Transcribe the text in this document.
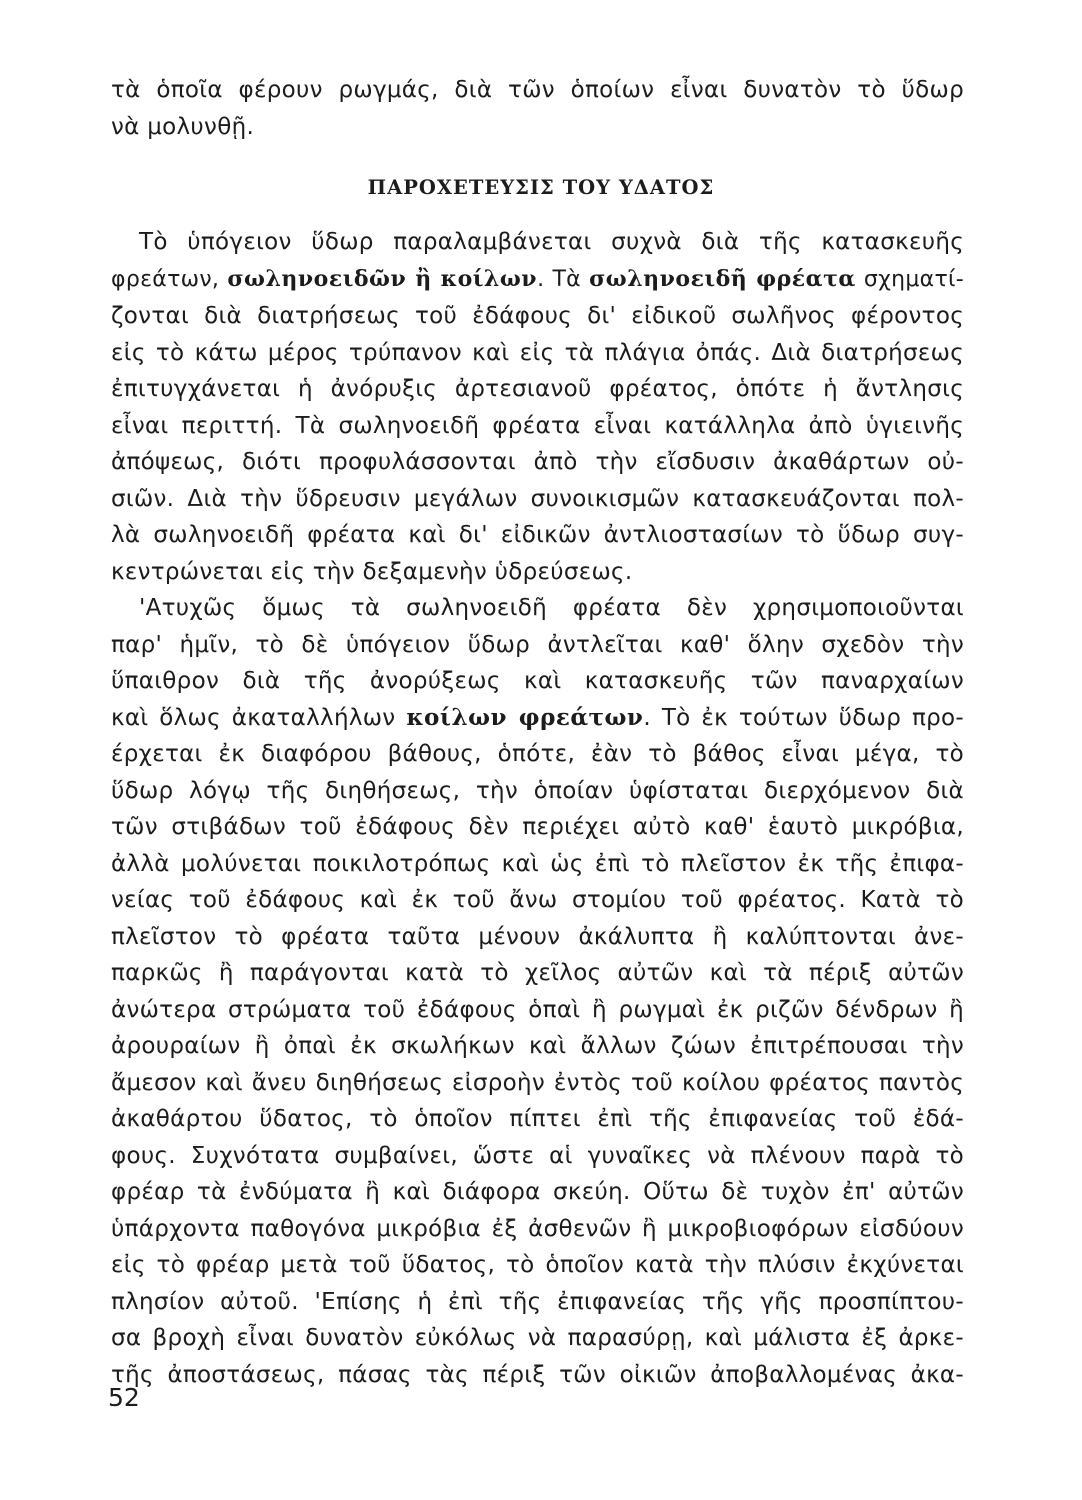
τὰ ὁποῖα φέρουν ρωγμάς, διὰ τῶν ὁποίων εἶναι δυνατὸν τὸ ὕδωρ
νὰ μολυνθῇ.
ΠΑΡΟΧΕΤΕΥΣΙΣ ΤΟΥ ΥΔΑΤΟΣ
Τὸ ὑπόγειον ὕδωρ παραλαμβάνεται συχνὰ διὰ τῆς κατασκευῆς
φρεάτων, σωληνοειδῶν ἢ κοίλων. Τὰ σωληνοειδῆ φρέατα σχηματί-
ζονται διὰ διατρήσεως τοῦ ἐδάφους δι' εἰδικοῦ σωλῆνος φέροντος
εἰς τὸ κάτω μέρος τρύπανον καὶ εἰς τὰ πλάγια ὀπάς. Διὰ διατρήσεως
ἐπιτυγχάνεται ἡ ἀνόρυξις ἀρτεσιανοῦ φρέατος, ὁπότε ἡ ἄντλησις
εἶναι περιττή. Τὰ σωληνοειδῆ φρέατα εἶναι κατάλληλα ἀπὸ ὑγιεινῆς
ἀπόψεως, διότι προφυλάσσονται ἀπὸ τὴν εἴσδυσιν ἀκαθάρτων οὐ-
σιῶν. Διὰ τὴν ὕδρευσιν μεγάλων συνοικισμῶν κατασκευάζονται πολ-
λὰ σωληνοειδῆ φρέατα καὶ δι' εἰδικῶν ἀντλιοστασίων τὸ ὕδωρ συγ-
κεντρώνεται εἰς τὴν δεξαμενὴν ὑδρεύσεως.
'Ατυχῶς ὅμως τὰ σωληνοειδῆ φρέατα δὲν χρησιμοποιοῦνται
παρ' ἡμῖν, τὸ δὲ ὑπόγειον ὕδωρ ἀντλεῖται καθ' ὅλην σχεδὸν τὴν
ὕπαιθρον διὰ τῆς ἀνορύξεως καὶ κατασκευῆς τῶν παναρχαίων
καὶ ὅλως ἀκαταλλήλων κοίλων φρεάτων. Τὸ ἐκ τούτων ὕδωρ προ-
έρχεται ἐκ διαφόρου βάθους, ὁπότε, ἐὰν τὸ βάθος εἶναι μέγα, τὸ
ὕδωρ λόγῳ τῆς διηθήσεως, τὴν ὁποίαν ὑφίσταται διερχόμενον διὰ
τῶν στιβάδων τοῦ ἐδάφους δὲν περιέχει αὐτὸ καθ' ἑαυτὸ μικρόβια,
ἀλλὰ μολύνεται ποικιλοτρόπως καὶ ὡς ἐπὶ τὸ πλεῖστον ἐκ τῆς ἐπιφα-
νείας τοῦ ἐδάφους καὶ ἐκ τοῦ ἄνω στομίου τοῦ φρέατος. Κατὰ τὸ
πλεῖστον τὸ φρέατα ταῦτα μένουν ἀκάλυπτα ἢ καλύπτονται ἀνε-
παρκῶς ἢ παράγονται κατὰ τὸ χεῖλος αὐτῶν καὶ τὰ πέριξ αὐτῶν
ἀνώτερα στρώματα τοῦ ἐδάφους ὁπαὶ ἢ ρωγμαὶ ἐκ ριζῶν δένδρων ἢ
ἀρουραίων ἢ ὀπαὶ ἐκ σκωλήκων καὶ ἄλλων ζώων ἐπιτρέπουσαι τὴν
ἄμεσον καὶ ἄνευ διηθήσεως εἰσροὴν ἐντὸς τοῦ κοίλου φρέατος παντὸς
ἀκαθάρτου ὕδατος, τὸ ὁποῖον πίπτει ἐπὶ τῆς ἐπιφανείας τοῦ ἐδά-
φους. Συχνότατα συμβαίνει, ὥστε αἱ γυναῖκες νὰ πλένουν παρὰ τὸ
φρέαρ τὰ ἐνδύματα ἢ καὶ διάφορα σκεύη. Οὕτω δὲ τυχὸν ἐπ' αὐτῶν
ὑπάρχοντα παθογόνα μικρόβια ἐξ ἀσθενῶν ἢ μικροβιοφόρων εἰσδύουν
εἰς τὸ φρέαρ μετὰ τοῦ ὕδατος, τὸ ὁποῖον κατὰ τὴν πλύσιν ἐκχύνεται
πλησίον αὐτοῦ. 'Επίσης ἡ ἐπὶ τῆς ἐπιφανείας τῆς γῆς προσπίπτου-
σα βροχὴ εἶναι δυνατὸν εὐκόλως νὰ παρασύρῃ, καὶ μάλιστα ἐξ ἀρκε-
τῆς ἀποστάσεως, πάσας τὰς πέριξ τῶν οἰκιῶν ἀποβαλλομένας ἀκα-
52
